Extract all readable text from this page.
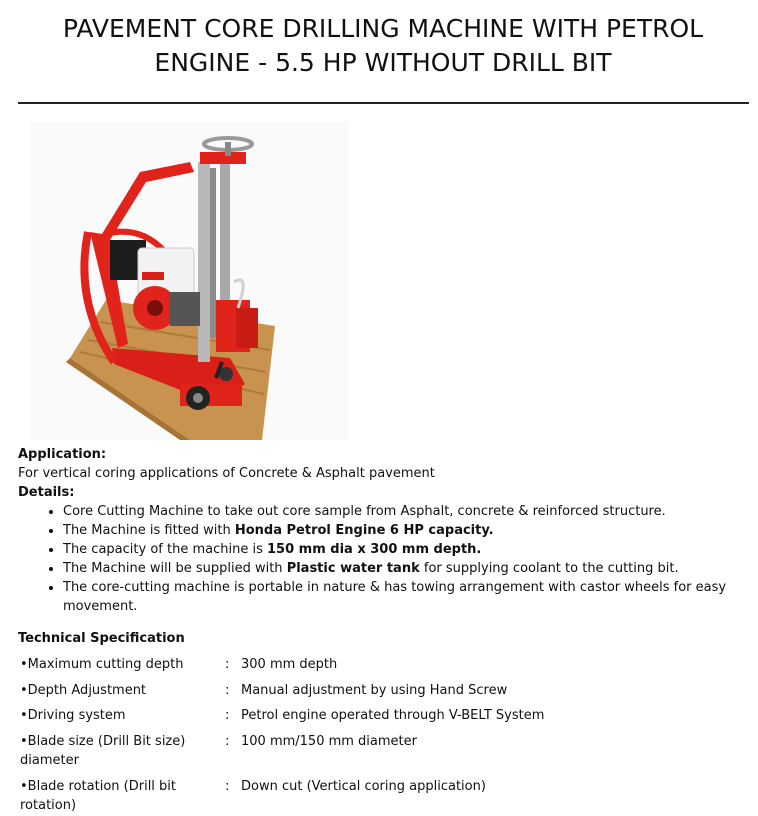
PAVEMENT CORE DRILLING MACHINE WITH PETROL ENGINE - 5.5 HP WITHOUT DRILL BIT
Application:
For vertical coring applications of Concrete & Asphalt pavement
Details:
• Core Cutting Machine to take out core sample from Asphalt, concrete & reinforced structure.
• The Machine is fitted with Honda Petrol Engine 6 HP capacity.
• The capacity of the machine is 150 mm dia x 300 mm depth.
• The Machine will be supplied with Plastic water tank for supplying coolant to the cutting bit.
• The core-cutting machine is portable in nature & has towing arrangement with castor wheels for easy movement.
Technical Specification
•Maximum cutting depth	: 300 mm depth
•Depth Adjustment	: Manual adjustment by using Hand Screw
•Driving system	: Petrol engine operated through V-BELT System
•Blade size (Drill Bit size) diameter
: 100 mm/150 mm diameter
•Blade rotation (Drill bit rotation)
: Down cut (Vertical coring application)
